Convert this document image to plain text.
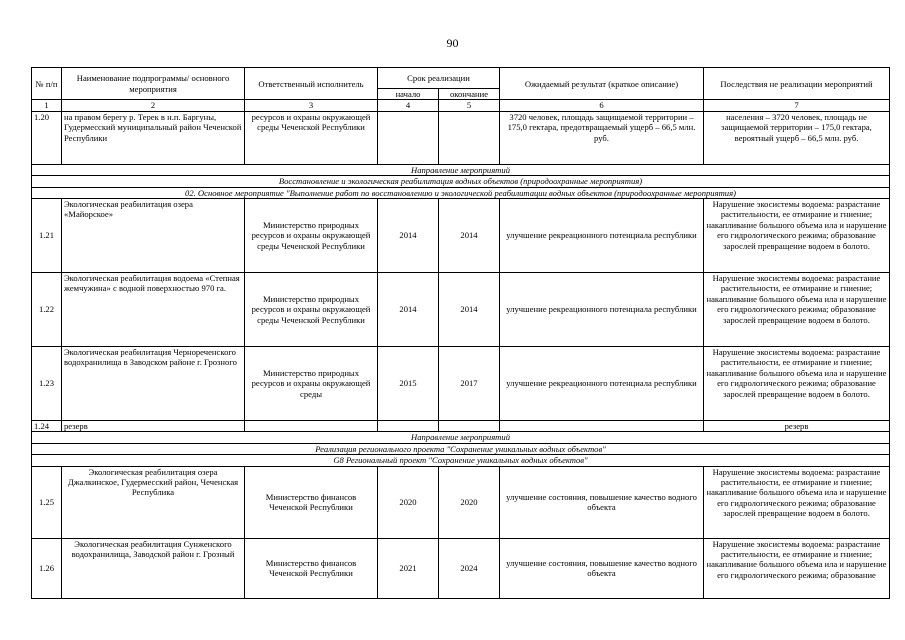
90
№ п/п	Наименование подпрограммы/ основного мероприятия	Ответственный исполнитель	Срок реализации		Ожидаемый результат (краткое описание)	Последствия не реализации мероприятий
			начало	окончание		
1	2	3	4	5	6	7
1.20	на правом берегу р. Терек в н.п. Баргуны, Гудермесский муниципальный район Чеченской Республики	ресурсов и охраны окружающей среды Чеченской Республики			3720 человек, площадь защищаемой территории – 175,0 гектара, предотвращаемый ущерб – 66,5 млн. руб.	населения – 3720 человек, площадь не защищаемой территории – 175,0 гектара, вероятный ущерб – 66,5 млн. руб.
Направление мероприятий						
Восстановление и экологическая реабилитация водных объектов (природоохранные мероприятия)						
02. Основное мероприятие "Выполнение работ по восстановлению и экологической реабилитации водных объектов (природоохранные мероприятия)						
1.21	Экологическая реабилитация озера «Майорское»	Министерство природных ресурсов и охраны окружающей среды Чеченской Республики	2014	2014	улучшение рекреационного потенциала республики	Нарушение экосистемы водоема: разрастание растительности, ее отмирание и гниение; накапливание большого объема ила и нарушение его гидрологического режима; образование зарослей превращение водоем в болото.
1.22	Экологическая реабилитация водоема «Степная жемчужина» с водной поверхностью 970 га.	Министерство природных ресурсов и охраны окружающей среды Чеченской Республики	2014	2014	улучшение рекреационного потенциала республики	Нарушение экосистемы водоема: разрастание растительности, ее отмирание и гниение; накапливание большого объема ила и нарушение его гидрологического режима; образование зарослей превращение водоем в болото.
1.23	Экологическая реабилитация Чернореченского водохранилища в Заводском районе г. Грозного	Министерство природных ресурсов и охраны окружающей среды	2015	2017	улучшение рекреационного потенциала республики	Нарушение экосистемы водоема: разрастание растительности, ее отмирание и гниение; накапливание большого объема ила и нарушение его гидрологического режима; образование зарослей превращение водоем в болото.
1.24	резерв					резерв
Направление мероприятий						
Реализация регионального проекта "Сохранение уникальных водных объектов"						
G8 Региональный проект "Сохранение уникальных водных объектов"						
1.25	Экологическая реабилитация озера Джалкинское, Гудермесский район, Чеченская Республика	Министерство финансов Чеченской Республики	2020	2020	улучшение состояния, повышение качество водного объекта	Нарушение экосистемы водоема: разрастание растительности, ее отмирание и гниение; накапливание большого объема ила и нарушение его гидрологического режима; образование зарослей превращение водоем в болото.
1.26	Экологическая реабилитация Сунженского водохранилища, Заводской район г. Грозный	Министерство финансов Чеченской Республики	2021	2024	улучшение состояния, повышение качество водного объекта	Нарушение экосистемы водоема: разрастание растительности, ее отмирание и гниение; накапливание большого объема ила и нарушение его гидрологического режима; образование
